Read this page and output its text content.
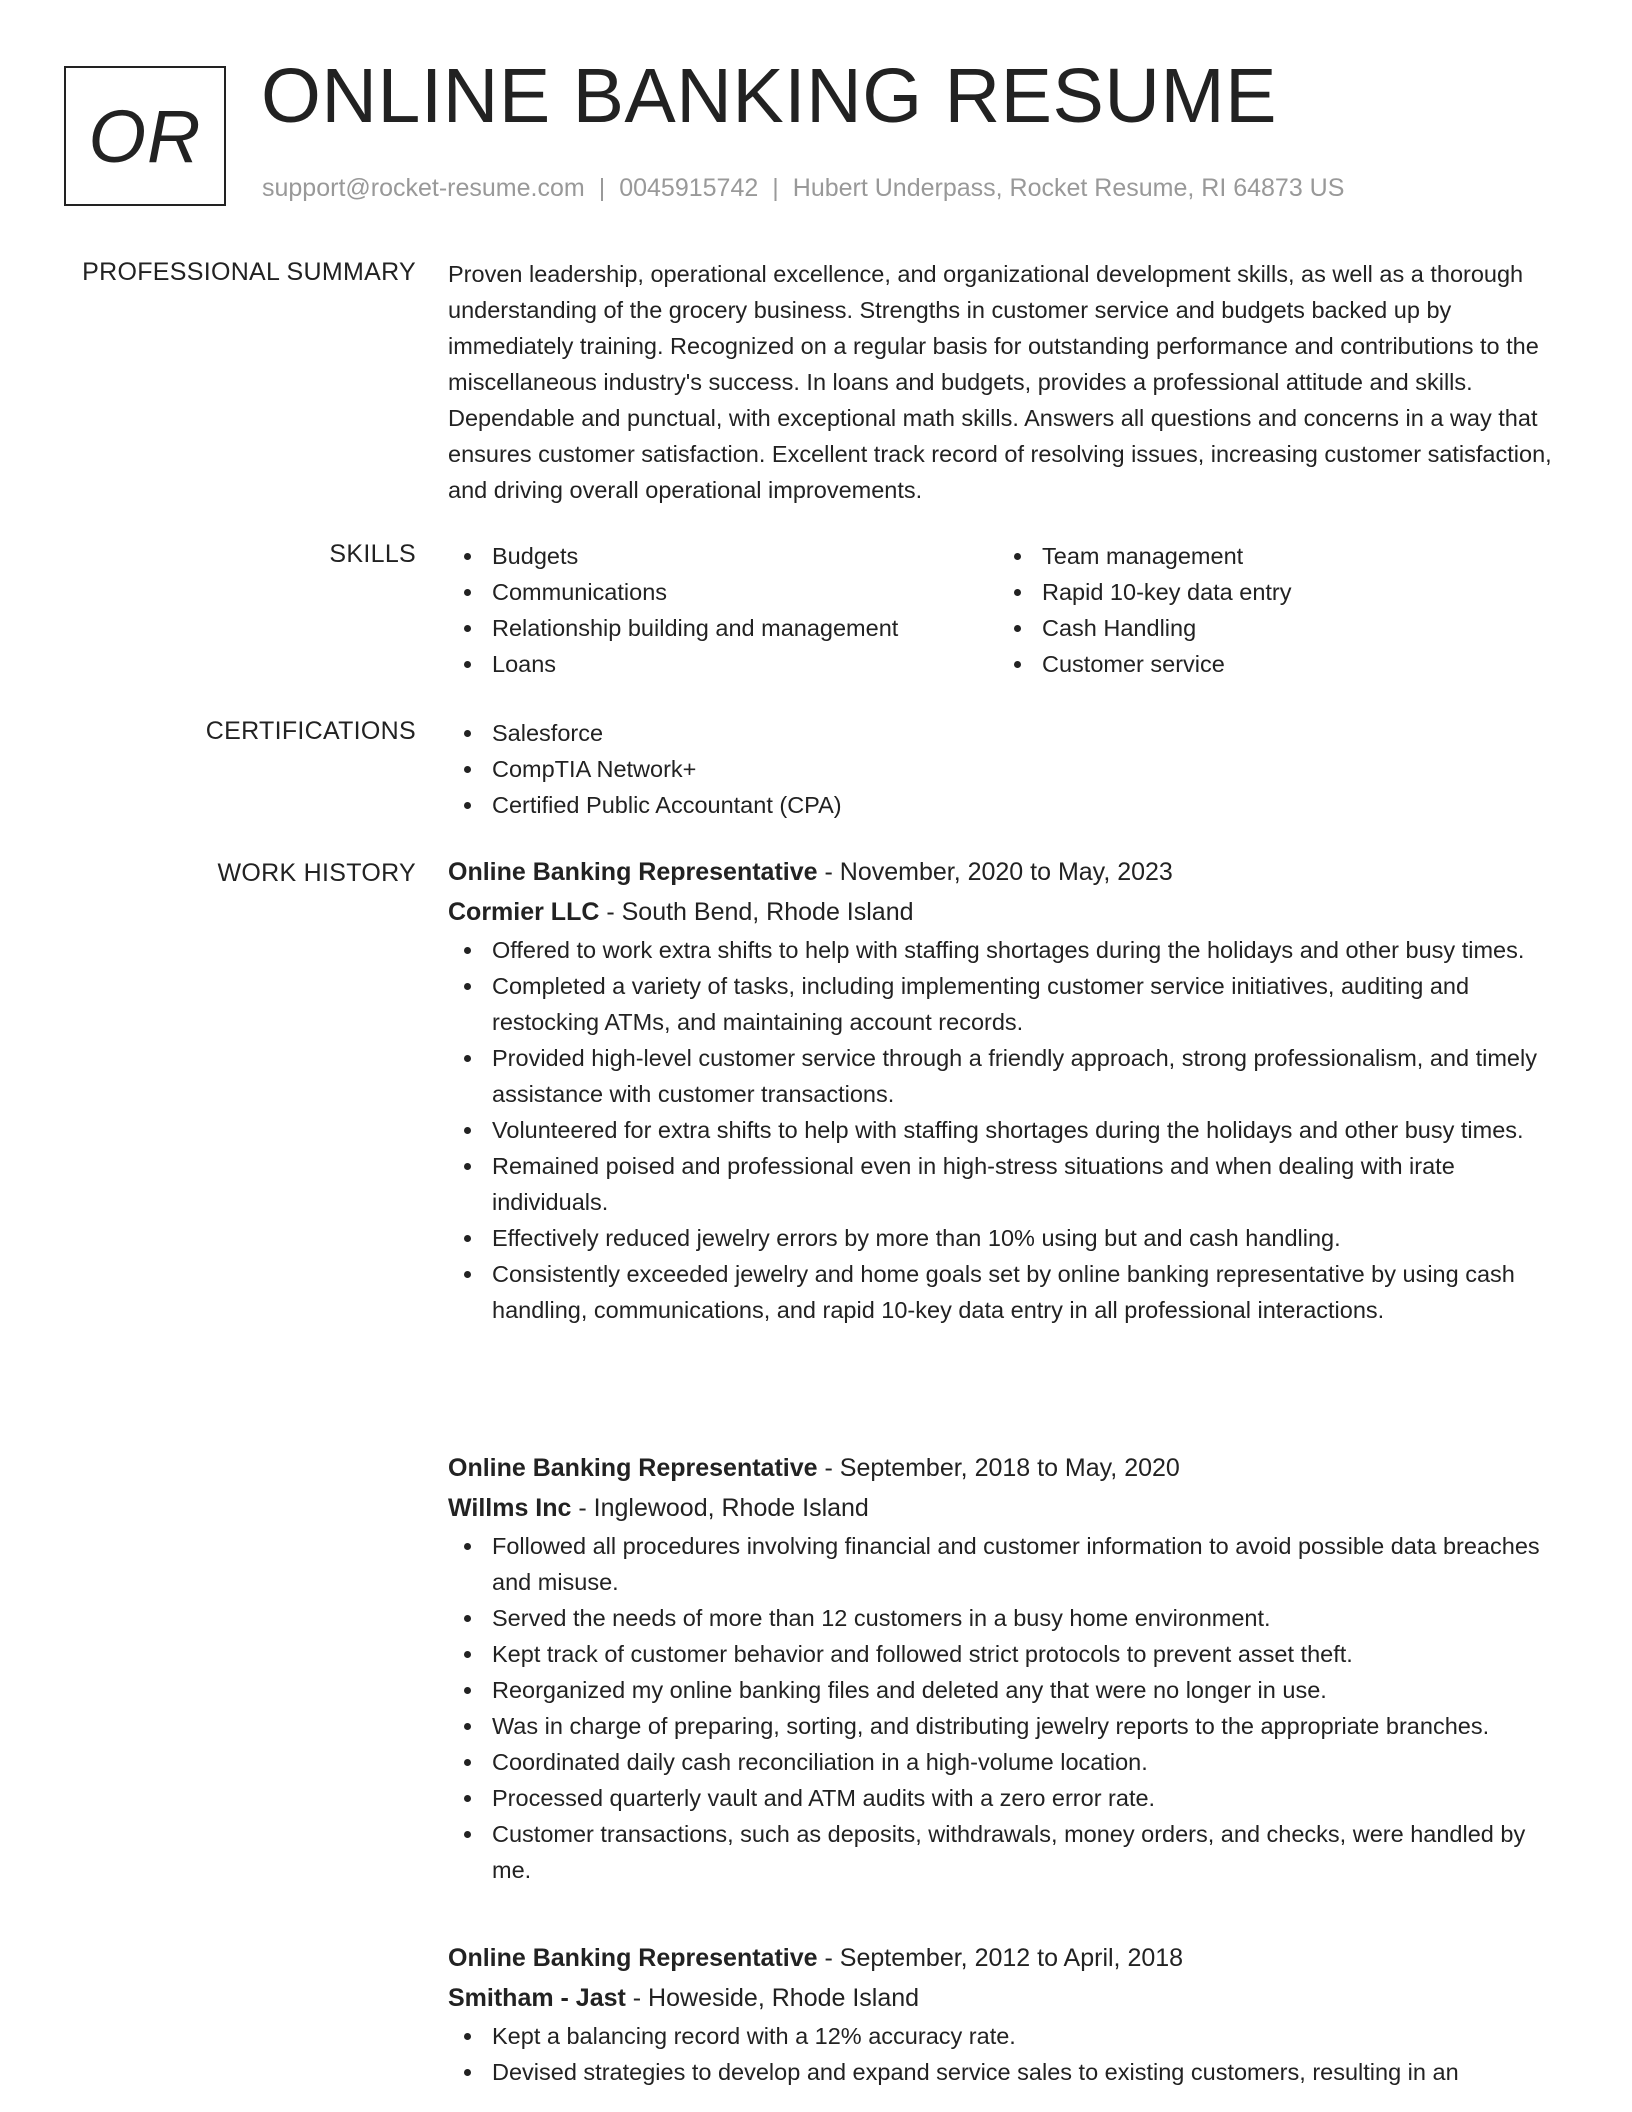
OR ONLINE BANKING RESUME
support@rocket-resume.com | 0045915742 | Hubert Underpass, Rocket Resume, RI 64873 US
PROFESSIONAL SUMMARY Proven leadership, operational excellence, and organizational development skills, as well as a thorough understanding of the grocery business. Strengths in customer service and budgets backed up by immediately training. Recognized on a regular basis for outstanding performance and contributions to the miscellaneous industry's success. In loans and budgets, provides a professional attitude and skills. Dependable and punctual, with exceptional math skills. Answers all questions and concerns in a way that ensures customer satisfaction. Excellent track record of resolving issues, increasing customer satisfaction, and driving overall operational improvements.

SKILLS	Budgets
Communications
Relationship building and management
Loans
Team management
Rapid 10-key data entry
Cash Handling
Customer service
CERTIFICATIONS	Salesforce
CompTIA Network+
Certified Public Accountant (CPA)
WORK HISTORY Online Banking Representative - November, 2020 to May, 2023
Cormier LLC - South Bend, Rhode Island
Offered to work extra shifts to help with staffing shortages during the holidays and other busy times.
Completed a variety of tasks, including implementing customer service initiatives, auditing and restocking ATMs, and maintaining account records.
Provided high-level customer service through a friendly approach, strong professionalism, and timely assistance with customer transactions.
Volunteered for extra shifts to help with staffing shortages during the holidays and other busy times.
Remained poised and professional even in high-stress situations and when dealing with irate individuals.
Effectively reduced jewelry errors by more than 10% using but and cash handling.
Consistently exceeded jewelry and home goals set by online banking representative by using cash handling, communications, and rapid 10-key data entry in all professional interactions.
Online Banking Representative - September, 2018 to May, 2020
Willms Inc - Inglewood, Rhode Island
Followed all procedures involving financial and customer information to avoid possible data breaches and misuse.
Served the needs of more than 12 customers in a busy home environment.
Kept track of customer behavior and followed strict protocols to prevent asset theft.
Reorganized my online banking files and deleted any that were no longer in use.
Was in charge of preparing, sorting, and distributing jewelry reports to the appropriate branches.
Coordinated daily cash reconciliation in a high-volume location.
Processed quarterly vault and ATM audits with a zero error rate.
Customer transactions, such as deposits, withdrawals, money orders, and checks, were handled by me.
Online Banking Representative - September, 2012 to April, 2018
Smitham - Jast - Howeside, Rhode Island
Kept a balancing record with a 12% accuracy rate.
Devised strategies to develop and expand service sales to existing customers, resulting in an
